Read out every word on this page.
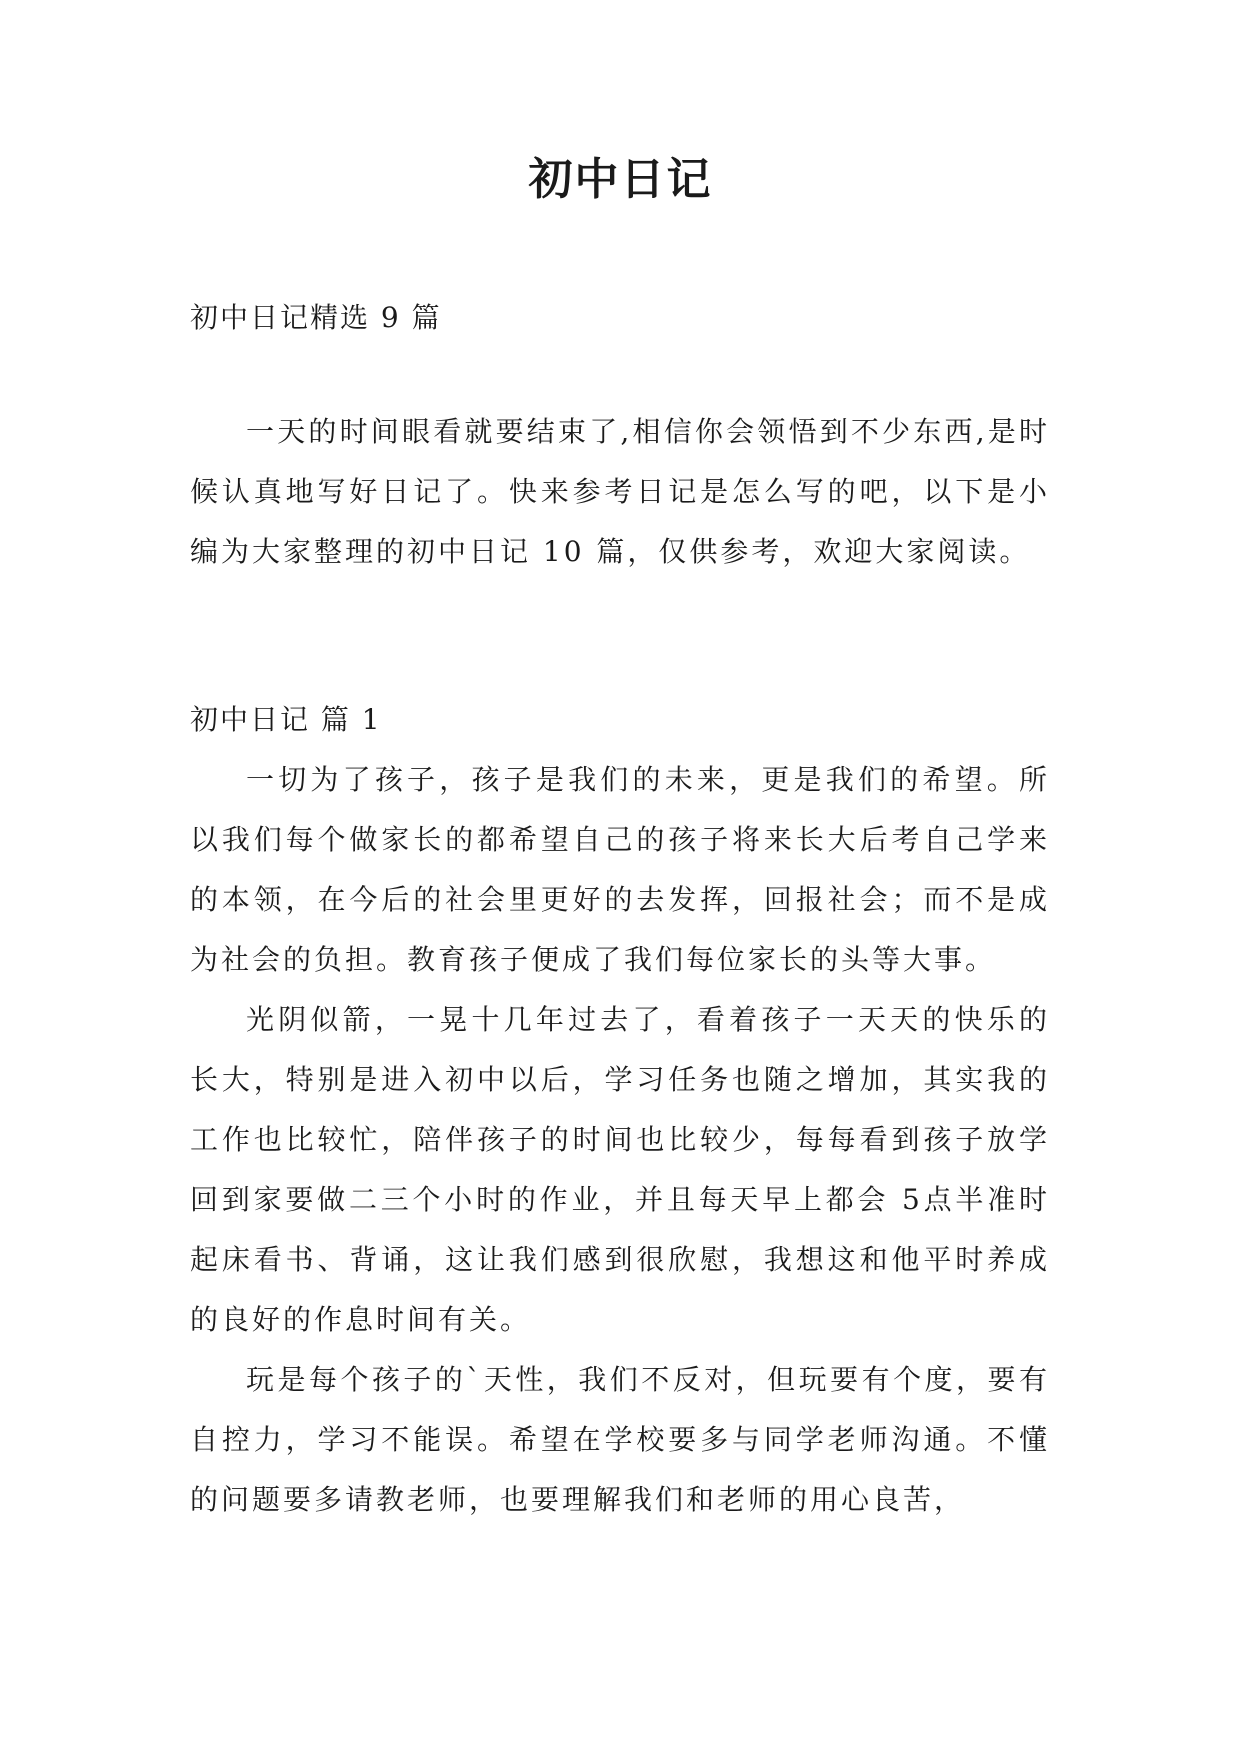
初中日记

初中日记精选 9 篇

一天的时间眼看就要结束了,相信你会领悟到不少东西,是时候认真地写好日记了。快来参考日记是怎么写的吧，以下是小编为大家整理的初中日记 10 篇，仅供参考，欢迎大家阅读。

初中日记 篇 1

一切为了孩子，孩子是我们的未来，更是我们的希望。所以我们每个做家长的都希望自己的孩子将来长大后考自己学来的本领，在今后的社会里更好的去发挥，回报社会；而不是成为社会的负担。教育孩子便成了我们每位家长的头等大事。

光阴似箭，一晃十几年过去了，看着孩子一天天的快乐的长大，特别是进入初中以后，学习任务也随之增加，其实我的工作也比较忙，陪伴孩子的时间也比较少，每每看到孩子放学回到家要做二三个小时的作业，并且每天早上都会 5点半准时起床看书、背诵，这让我们感到很欣慰，我想这和他平时养成的良好的作息时间有关。

玩是每个孩子的`天性，我们不反对，但玩要有个度，要有自控力，学习不能误。希望在学校要多与同学老师沟通。不懂的问题要多请教老师，也要理解我们和老师的用心良苦，
